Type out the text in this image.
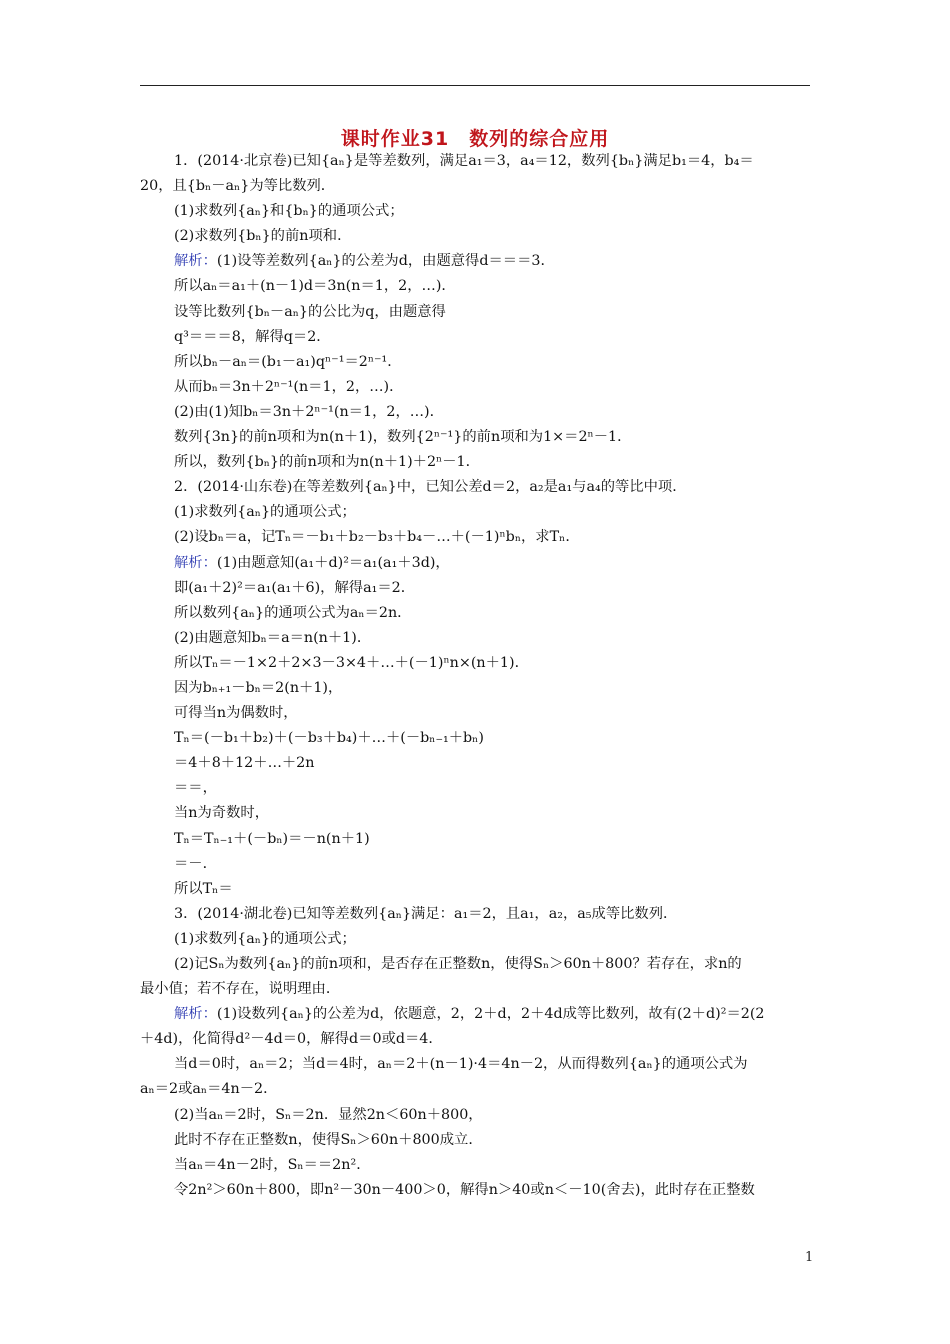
课时作业31　数列的综合应用
1．(2014·北京卷)已知{aₙ}是等差数列，满足a₁＝3，a₄＝12，数列{bₙ}满足b₁＝4，b₄＝
20，且{bₙ－aₙ}为等比数列．
(1)求数列{aₙ}和{bₙ}的通项公式；
(2)求数列{bₙ}的前n项和．
解析：(1)设等差数列{aₙ}的公差为d，由题意得d＝＝＝3．
所以aₙ＝a₁＋(n－1)d＝3n(n＝1，2，…)．
设等比数列{bₙ－aₙ}的公比为q，由题意得
q³＝＝＝8，解得q＝2．
所以bₙ－aₙ＝(b₁－a₁)qⁿ⁻¹＝2ⁿ⁻¹．
从而bₙ＝3n＋2ⁿ⁻¹(n＝1，2，…)．
(2)由(1)知bₙ＝3n＋2ⁿ⁻¹(n＝1，2，…)．
数列{3n}的前n项和为n(n＋1)，数列{2ⁿ⁻¹}的前n项和为1×＝2ⁿ－1．
所以，数列{bₙ}的前n项和为n(n＋1)＋2ⁿ－1．
2．(2014·山东卷)在等差数列{aₙ}中，已知公差d＝2，a₂是a₁与a₄的等比中项．
(1)求数列{aₙ}的通项公式；
(2)设bₙ＝a，记Tₙ＝－b₁＋b₂－b₃＋b₄－…＋(－1)ⁿbₙ，求Tₙ．
解析：(1)由题意知(a₁＋d)²＝a₁(a₁＋3d)，
即(a₁＋2)²＝a₁(a₁＋6)，解得a₁＝2．
所以数列{aₙ}的通项公式为aₙ＝2n．
(2)由题意知bₙ＝a＝n(n＋1)．
所以Tₙ＝－1×2＋2×3－3×4＋…＋(－1)ⁿn×(n＋1)．
因为bₙ₊₁－bₙ＝2(n＋1)，
可得当n为偶数时，
Tₙ＝(－b₁＋b₂)＋(－b₃＋b₄)＋…＋(－bₙ₋₁＋bₙ)
＝4＋8＋12＋…＋2n
＝＝，
当n为奇数时，
Tₙ＝Tₙ₋₁＋(－bₙ)＝－n(n＋1)
＝－．
所以Tₙ＝
3．(2014·湖北卷)已知等差数列{aₙ}满足：a₁＝2，且a₁，a₂，a₅成等比数列．
(1)求数列{aₙ}的通项公式；
(2)记Sₙ为数列{aₙ}的前n项和，是否存在正整数n，使得Sₙ＞60n＋800？若存在，求n的
最小值；若不存在，说明理由．
解析：(1)设数列{aₙ}的公差为d，依题意，2，2＋d，2＋4d成等比数列，故有(2＋d)²＝2(2
＋4d)，化简得d²－4d＝0，解得d＝0或d＝4．
当d＝0时，aₙ＝2；当d＝4时，aₙ＝2＋(n－1)·4＝4n－2，从而得数列{aₙ}的通项公式为
aₙ＝2或aₙ＝4n－2．
(2)当aₙ＝2时，Sₙ＝2n．显然2n＜60n＋800，
此时不存在正整数n，使得Sₙ＞60n＋800成立．
当aₙ＝4n－2时，Sₙ＝＝2n²．
令2n²＞60n＋800，即n²－30n－400＞0，解得n＞40或n＜－10(舍去)，此时存在正整数
1
